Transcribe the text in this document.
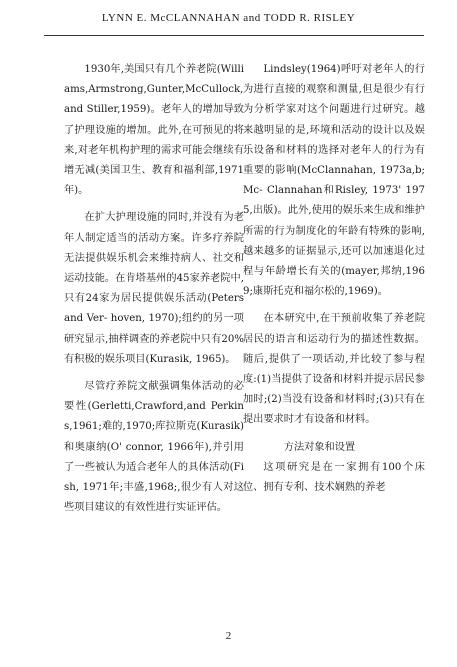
LYNN E. McCLANNAHAN and TODD R. RISLEY

1930年,美国只有几个养老院(Williams,Armstrong,Gunter,McCullock,and Stiller,1959)。老年人的增加导致了护理设施的增加。此外,在可预见的将来,对老年机构护理的需求可能会继续有增无减(美国卫生、教育和福利部,1971年)。

在扩大护理设施的同时,并没有为老年人制定适当的活动方案。许多疗养院无法提供娱乐机会来维持病人、社交和运动技能。在肯塔基州的45家养老院中,只有24家为居民提供娱乐活动(Peters and Ver- hoven, 1970);纽约的另一项研究显示,抽样调查的养老院中只有20%有积极的娱乐项目(Kurasik, 1965)。

尽管疗养院文献强调集体活动的必要性(Gerletti,Crawford,and Perkins,1961;难的,1970;库拉斯克(Kurasik)和奥康纳(O' connor, 1966年),并引用了一些被认为适合老年人的具体活动(Fish, 1971年;丰盛,1968;,很少有人对这些项目建议的有效性进行实证评估。

Lindsley(1964)呼吁对老年人的行为进行直接的观察和测量,但是很少有行为分析学家对这个问题进行过研究。越来越明显的是,环境和活动的设计以及娱乐设备和材料的选择对老年人的行为有重要的影响(McClannahan, 1973a,b;Mc- Clannahan和Risley, 1973' 1975,出版)。此外,使用的娱乐来生成和维护所需的行为制度化的年龄有特殊的影响,越来越多的证据显示,还可以加速退化过程与年龄增长有关的(mayer,邦纳,1969;康斯托克和福尔松的,1969)。

在本研究中,在干预前收集了养老院居民的语言和运动行为的描述性数据。随后,提供了一项话动,并比较了参与程度:(1)当提供了设备和材料并提示居民参加时;(2)当没有设备和材料时;(3)只有在提出要求时才有设备和材料。

方法对象和设置

这项研究是在一家拥有100个床位、拥有专利、技术娴熟的养老

2
